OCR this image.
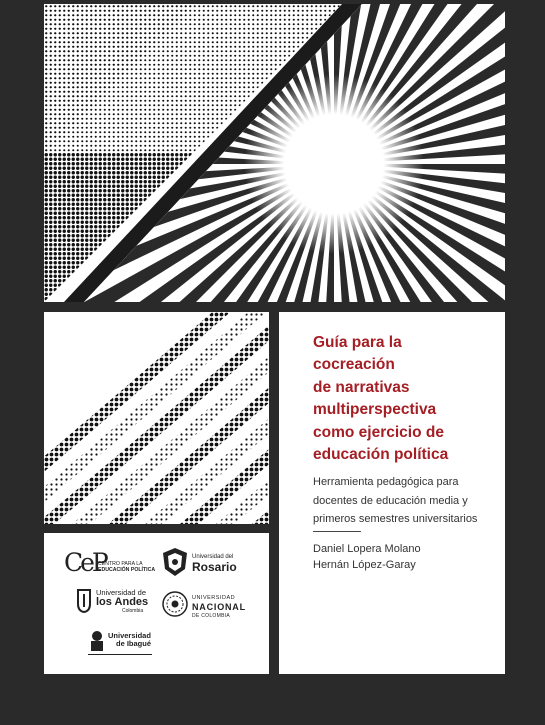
CeP
CENTRO PARA LA
EDUCACIÓN POLÍTICA
Universidad del
Rosario
Universidad de
los Andes
Colombia
UNIVERSIDAD
NACIONAL
DE COLOMBIA
Universidad
de Ibagué
Guía para la
cocreación
de narrativas
multiperspectiva
como ejercicio de
educación política
Herramienta pedagógica para
docentes de educación media y
primeros semestres universitarios
Daniel Lopera Molano
Hernán López-Garay
